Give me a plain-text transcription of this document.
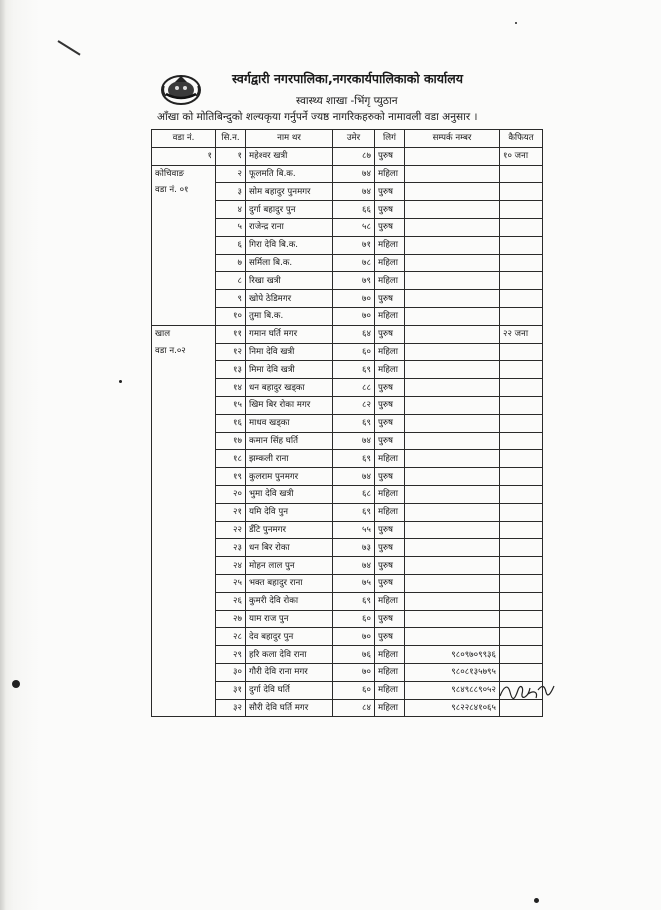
स्वर्गद्वारी नगरपालिका,नगरकार्यपालिकाको कार्यालय
स्वास्थ्य शाखा -भिंगृ प्युठान
आँखा को मोतिबिन्दुको शल्यकृया गर्नुपर्ने ज्यष्ठ नागरिकहरुको नामावली वडा अनुसार ।
वडा नं.	सि.न.	नाम थर	उमेर	लिगं	सम्पर्क नम्बर	कैफियत

१	१	महेश्वर खत्री	८७	पुरुष		१० जना

कोचिवाङ
वडा नं. ०१	२	फूलमति बि.क.	७४	महिला		
	३	सोम बहादुर पुनमगर	७४	पुरुष		
	४	दुर्गा बहादुर पुन	६६	पुरुष		
	५	राजेन्द्र राना	५८	पुरुष		
	६	गिरा देवि बि.क.	७१	महिला		
	७	सर्मिला बि.क.	७८	महिला		
	८	रिखा खत्री	७९	महिला		
	९	खोपे ठेडिमगर	७०	पुरुष		
	१०	तुमा बि.क.	७०	महिला		

खाल
वडा न.०२	११	गमान घर्ति मगर	६४	पुरुष		२२ जना
	१२	निमा देवि खत्री	६०	महिला		
	१३	मिमा देवि खत्री	६९	महिला		
	१४	धन बहादुर खड्का	८८	पुरुष		
	१५	खिम बिर रोका मगर	८२	पुरुष		
	१६	माधव खड्का	६९	पुरुष		
	१७	कमान सिंह घर्ति	७४	पुरुष		
	१८	झम्कली राना	६९	महिला		
	१९	कुलराम पुनमगर	७४	पुरुष		
	२०	भुमा देवि खत्री	६८	महिला		
	२१	यमि देवि पुन	६९	महिला		
	२२	डँटि पुनमगर	५५	पुरुष		
	२३	धन बिर रोका	७३	पुरुष		
	२४	मोहन लाल पुन	७४	पुरुष		
	२५	भक्त बहादुर राना	७५	पुरुष		
	२६	कुमरी देवि रोका	६९	महिला		
	२७	याम राज पुन	६०	पुरुष		
	२८	देव बहादुर पुन	७०	पुरुष		
	२९	हरि कला देवि राना	७६	महिला	९८०९७०९९३६	
	३०	गौरी देवि राना मगर	७०	महिला	९८०८१३५७९५	
	३१	दुर्गा देवि घर्ति	६०	महिला	९८४९८८९०५२	
	३२	सौरी देवि घर्ति मगर	८४	महिला	९८२२८४१०६५	
